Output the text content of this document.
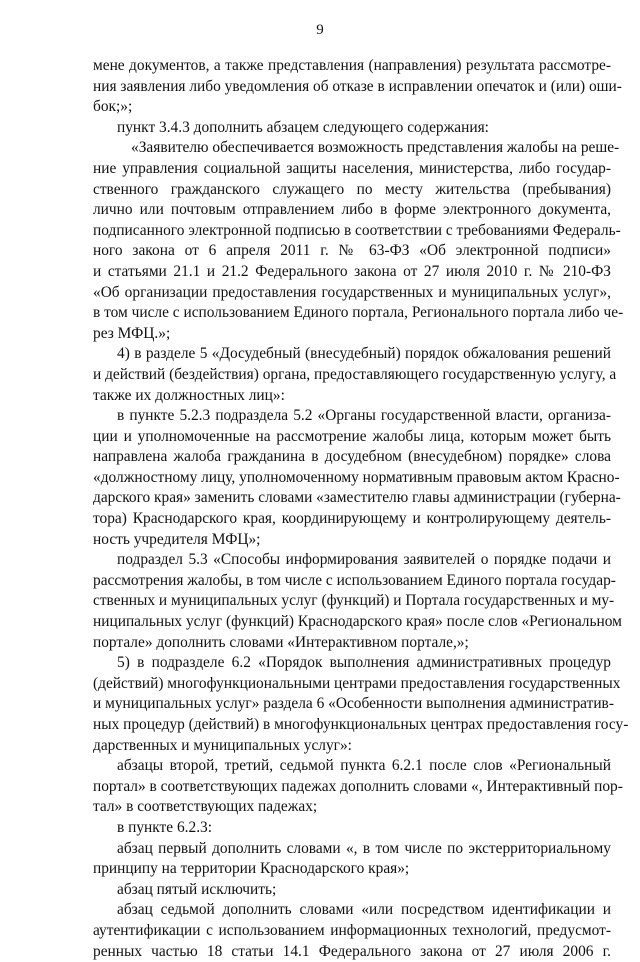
9
мене документов, а также представления (направления) результата рассмотре-
ния заявления либо уведомления об отказе в исправлении опечаток и (или) оши-
бок;»;
пункт 3.4.3 дополнить абзацем следующего содержания:
«Заявителю обеспечивается возможность представления жалобы на реше-
ние управления социальной защиты населения, министерства, либо государ-
ственного гражданского служащего по месту жительства (пребывания)
лично или почтовым отправлением либо в форме электронного документа,
подписанного электронной подписью в соответствии с требованиями Федераль-
ного закона от 6 апреля 2011 г. № 63-ФЗ «Об электронной подписи»
и статьями 21.1 и 21.2 Федерального закона от 27 июля 2010 г. № 210-ФЗ
«Об организации предоставления государственных и муниципальных услуг»,
в том числе с использованием Единого портала, Регионального портала либо че-
рез МФЦ.»;
4) в разделе 5 «Досудебный (внесудебный) порядок обжалования решений
и действий (бездействия) органа, предоставляющего государственную услугу, а
также их должностных лиц»:
в пункте 5.2.3 подраздела 5.2 «Органы государственной власти, организа-
ции и уполномоченные на рассмотрение жалобы лица, которым может быть
направлена жалоба гражданина в досудебном (внесудебном) порядке» слова
«должностному лицу, уполномоченному нормативным правовым актом Красно-
дарского края» заменить словами «заместителю главы администрации (губерна-
тора) Краснодарского края, координирующему и контролирующему деятель-
ность учредителя МФЦ»;
подраздел 5.3 «Способы информирования заявителей о порядке подачи и
рассмотрения жалобы, в том числе с использованием Единого портала государ-
ственных и муниципальных услуг (функций) и Портала государственных и му-
ниципальных услуг (функций) Краснодарского края» после слов «Региональном
портале» дополнить словами «Интерактивном портале,»;
5) в подразделе 6.2 «Порядок выполнения административных процедур
(действий) многофункциональными центрами предоставления государственных
и муниципальных услуг» раздела 6 «Особенности выполнения административ-
ных процедур (действий) в многофункциональных центрах предоставления госу-
дарственных и муниципальных услуг»:
абзацы второй, третий, седьмой пункта 6.2.1 после слов «Региональный
портал» в соответствующих падежах дополнить словами «, Интерактивный пор-
тал» в соответствующих падежах;
в пункте 6.2.3:
абзац первый дополнить словами «, в том числе по экстерриториальному
принципу на территории Краснодарского края»;
абзац пятый исключить;
абзац седьмой дополнить словами «или посредством идентификации и
аутентификации с использованием информационных технологий, предусмот-
ренных частью 18 статьи 14.1 Федерального закона от 27 июля 2006 г.
